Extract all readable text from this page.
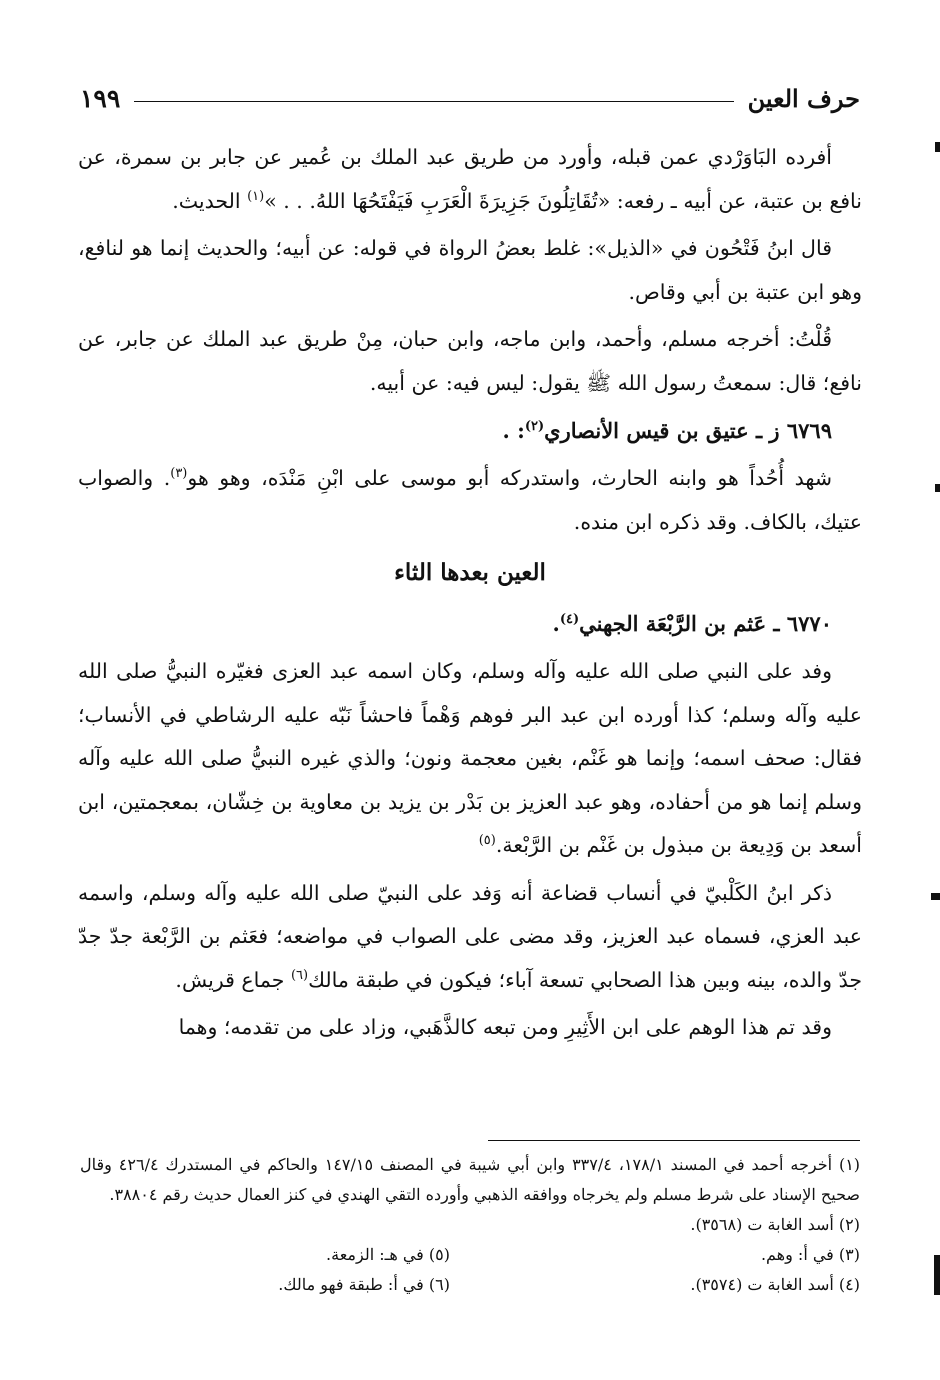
حرف العين
١٩٩

أفرده البَاوَرْدي عمن قبله، وأورد من طريق عبد الملك بن عُمير عن جابر بن سمرة، عن نافع بن عتبة، عن أبيه ـ رفعه: «تُقَاتِلُونَ جَزِيرَةَ الْعَرَبِ فَيَفْتَحُهَا اللهُ. . . »$^{(١)}$ الحديث.

قال ابنُ فَتْحُون في «الذيل»: غلط بعضُ الرواة في قوله: عن أبيه؛ والحديث إنما هو لنافع، وهو ابن عتبة بن أبي وقاص.

قُلْتُ: أخرجه مسلم، وأحمد، وابن ماجه، وابن حبان، مِنْ طريق عبد الملك عن جابر، عن نافع؛ قال: سمعتُ رسول الله ﷺ يقول: ليس فيه: عن أبيه.

٦٧٦٩ ز ـ عتيق بن قيس الأنصاري$^{(٢)}$: .

شهد أُحُداً هو وابنه الحارث، واستدركه أبو موسى على ابْنِ مَنْدَه، وهو هو$^{(٣)}$. والصواب عتيك، بالكاف. وقد ذكره ابن منده.

العين بعدها الثاء

٦٧٧٠ ـ عَثم بن الرَّبْعَة الجهني$^{(٤)}$.

وفد على النبي صلى الله عليه وآله وسلم، وكان اسمه عبد العزى فغيّره النبيُّ صلى الله عليه وآله وسلم؛ كذا أورده ابن عبد البر فوهم وَهْماً فاحشاً نَبّه عليه الرشاطي في الأنساب؛ فقال: صحف اسمه؛ وإنما هو غَنْم، بغين معجمة ونون؛ والذي غيره النبيُّ صلى الله عليه وآله وسلم إنما هو من أحفاده، وهو عبد العزيز بن بَدْر بن يزيد بن معاوية بن خِشّان، بمعجمتين، ابن أسعد بن وَدِيعة بن مبذول بن غَنْم بن الرَّبْعة.$^{(٥)}$

ذكر ابنُ الكَلْبيّ في أنساب قضاعة أنه وَفد على النبيّ صلى الله عليه وآله وسلم، واسمه عبد العزي، فسماه عبد العزيز، وقد مضى على الصواب في مواضعه؛ فعَثم بن الرَّبْعة جدّ جدّ جدّ والده، بينه وبين هذا الصحابي تسعة آباء؛ فيكون في طبقة مالك$^{(٦)}$ جماع قريش.

وقد تم هذا الوهم على ابن الأَثِيرِ ومن تبعه كالذَّهَبي، وزاد على من تقدمه؛ وهما

(١) أخرجه أحمد في المسند ١٧٨/١، ٣٣٧/٤ وابن أبي شيبة في المصنف ١٤٧/١٥ والحاكم في المستدرك ٤٢٦/٤ وقال صحيح الإسناد على شرط مسلم ولم يخرجاه ووافقه الذهبي وأورده التقي الهندي في كنز العمال حديث رقم ٣٨٨٠٤.

(٢) أسد الغابة ت (٣٥٦٨).

(٣) في أ: وهم.

(٤) أسد الغابة ت (٣٥٧٤).

(٥) في هـ: الزمعة.

(٦) في أ: طبقة فهو مالك.
